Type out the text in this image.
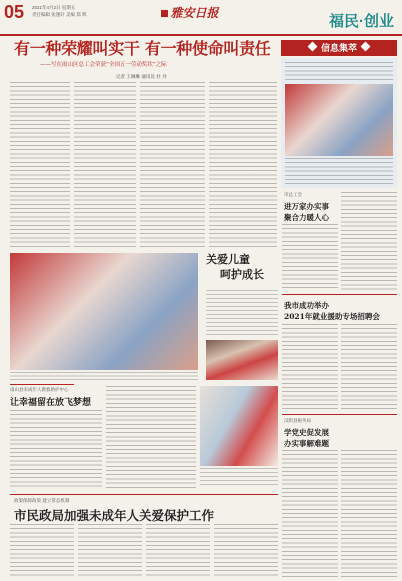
05 2021年4月2日 星期五
责任编辑 张逢轩 美编 郑 辉	雅安日报	福民·创业
有一种荣耀叫实干 有一种使命叫责任
——写在雨山区总工会荣获“全国五一劳动奖状”之际
记者 王琳琳 通讯员 杜 丹
关爱儿童
呵护成长
雨山县未成年人教救助护中心
让幸福留在放飞梦想
政策保障政策 建立常态机制
市民政局加强未成年人关爱保护工作
信息集萃
市总工会
进万家办实事
聚合力暖人心
我市成功举办
2021年就业援助专场招聘会
汉阴县税务局
学党史促发展
办实事解难题
